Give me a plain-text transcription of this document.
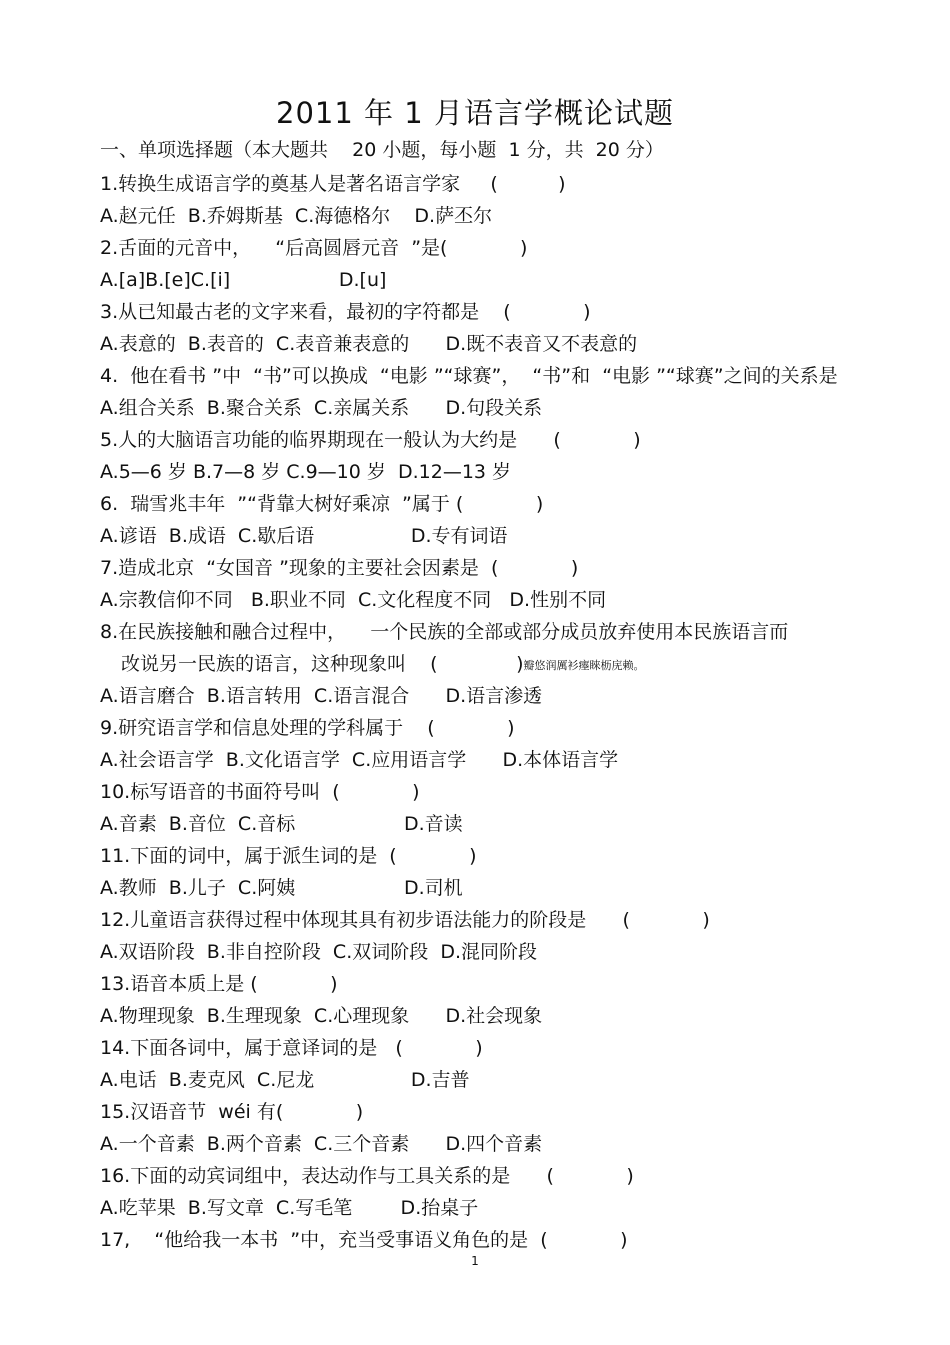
2011 年 1 月语言学概论试题

一、单项选择题（本大题共    20 小题，每小题  1 分，共  20 分）

1.转换生成语言学的奠基人是著名语言学家     (          )

A.赵元任  B.乔姆斯基  C.海德格尔    D.萨丕尔

2.舌面的元音中，    “后高圆唇元音  ”是(            )

A.[a]B.[e]C.[i]                  D.[u]

3.从已知最古老的文字来看，最初的字符都是    (            )

A.表意的  B.表音的  C.表音兼表意的      D.既不表音又不表意的

4.  他在看书 ”中  “书”可以换成  “电影 ”“球赛”，  “书”和  “电影 ”“球赛”之间的关系是

A.组合关系  B.聚合关系  C.亲属关系      D.句段关系

5.人的大脑语言功能的临界期现在一般认为大约是      (            )

A.5—6 岁 B.7—8 岁 C.9—10 岁  D.12—13 岁

6.  瑞雪兆丰年  ”“背靠大树好乘凉  ”属于 (            )

A.谚语  B.成语  C.歇后语                D.专有词语

7.造成北京  “女国音 ”现象的主要社会因素是  (            )

A.宗教信仰不同   B.职业不同  C.文化程度不同   D.性别不同

8.在民族接触和融合过程中，    一个民族的全部或部分成员放弃使用本民族语言而

改说另一民族的语言，这种现象叫    (             )瓣悠润厲衫瘞睞枥庑赖。

A.语言磨合  B.语言转用  C.语言混合      D.语言渗透

9.研究语言学和信息处理的学科属于    (            )

A.社会语言学  B.文化语言学  C.应用语言学      D.本体语言学

10.标写语音的书面符号叫  (            )

A.音素  B.音位  C.音标                  D.音读

11.下面的词中，属于派生词的是  (            )

A.教师  B.儿子  C.阿姨                  D.司机

12.儿童语言获得过程中体现其具有初步语法能力的阶段是      (            )

A.双语阶段  B.非自控阶段  C.双词阶段  D.混同阶段

13.语音本质上是 (            )

A.物理现象  B.生理现象  C.心理现象      D.社会现象

14.下面各词中，属于意译词的是   (            )

A.电话  B.麦克风  C.尼龙                D.吉普

15.汉语音节  wéi 有(            )

A.一个音素  B.两个音素  C.三个音素      D.四个音素

16.下面的动宾词组中，表达动作与工具关系的是      (            )

A.吃苹果  B.写文章  C.写毛笔        D.抬桌子

17,    “他给我一本书  ”中，充当受事语义角色的是  (            )

1
